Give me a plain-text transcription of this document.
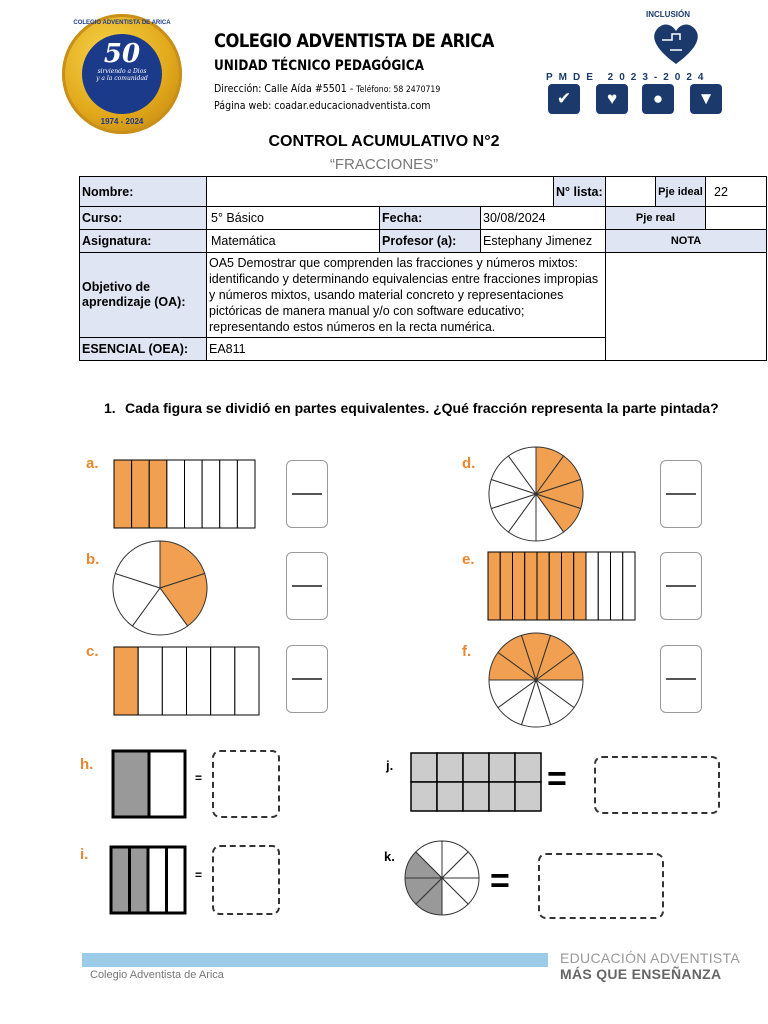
COLEGIO ADVENTISTA DE ARICA
50
sirviendo a Dios
y a la comunidad
1974 - 2024
COLEGIO ADVENTISTA DE ARICA
UNIDAD TÉCNICO PEDAGÓGICA
Dirección: Calle Aída #5501 - Teléfono: 58 2470719
Página web: coadar.educacionadventista.com
INCLUSIÓN
PMDE 2023-2024
✔	♥	●	▼
CONTROL ACUMULATIVO N°2
“FRACCIONES”
Nombre:				N° lista:		Pje ideal	22
Curso:	5° Básico	Fecha:	30/08/2024		Pje real		
Asignatura:	Matemática	Profesor (a):	Estephany Jimenez		NOTA		
Objetivo de aprendizaje (OA):	OA5 Demostrar que comprenden las fracciones y números mixtos: identificando y determinando equivalencias entre fracciones impropias y números mixtos, usando material concreto y representaciones pictóricas de manera manual y/o con software educativo; representando estos números en la recta numérica.						
ESENCIAL (OEA):	EA811						
1. Cada figura se dividió en partes equivalentes. ¿Qué fracción representa la parte pintada?
a.
b.
c.
d.
e.
f.
h.
i.
j.
k.
=
=
=
=
Colegio Adventista de Arica
EDUCACIÓN ADVENTISTA
MÁS QUE ENSEÑANZA
